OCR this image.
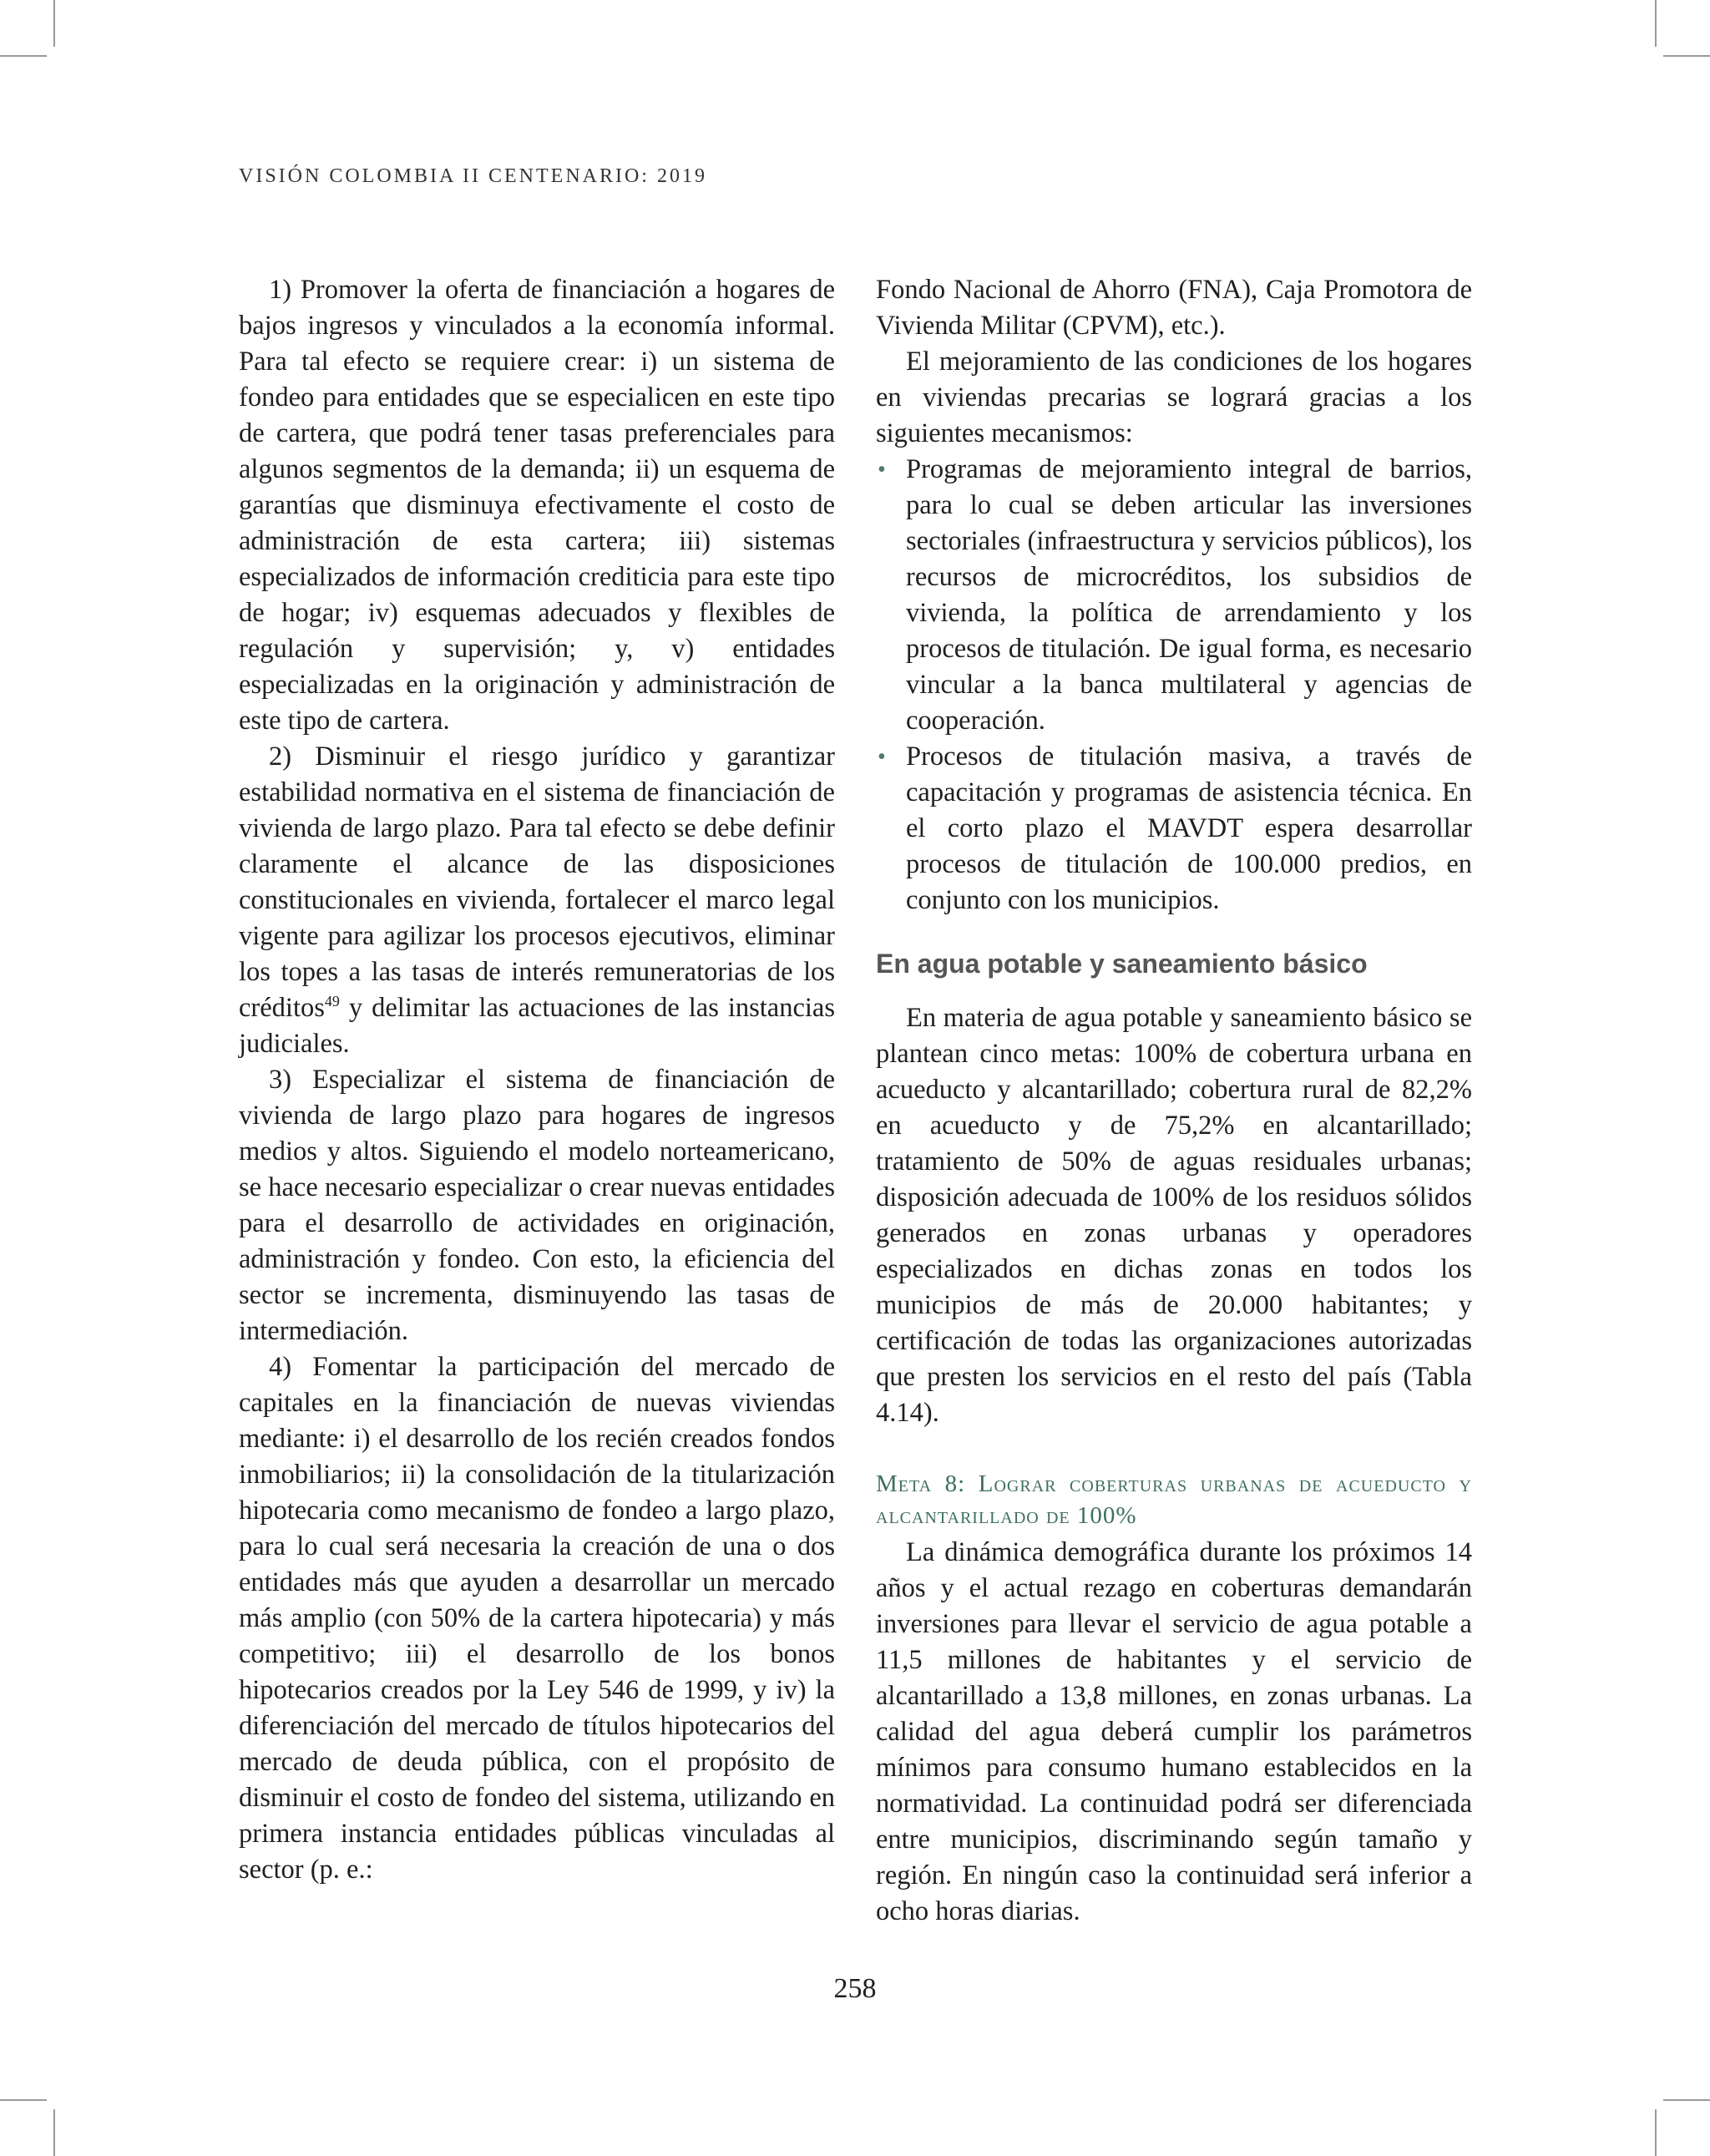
VISIÓN COLOMBIA II CENTENARIO: 2019

1) Promover la oferta de financiación a hogares de bajos ingresos y vinculados a la economía informal. Para tal efecto se requiere crear: i) un sistema de fondeo para entidades que se especialicen en este tipo de cartera, que podrá tener tasas preferenciales para algunos segmentos de la demanda; ii) un esquema de garantías que disminuya efectivamente el costo de administración de esta cartera; iii) sistemas especializados de información crediticia para este tipo de hogar; iv) esquemas adecuados y flexibles de regulación y supervisión; y, v) entidades especializadas en la originación y administración de este tipo de cartera.

2) Disminuir el riesgo jurídico y garantizar estabilidad normativa en el sistema de financiación de vivienda de largo plazo. Para tal efecto se debe definir claramente el alcance de las disposiciones constitucionales en vivienda, fortalecer el marco legal vigente para agilizar los procesos ejecutivos, eliminar los topes a las tasas de interés remuneratorias de los créditos$^{49}$ y delimitar las actuaciones de las instancias judiciales.

3) Especializar el sistema de financiación de vivienda de largo plazo para hogares de ingresos medios y altos. Siguiendo el modelo norteamericano, se hace necesario especializar o crear nuevas entidades para el desarrollo de actividades en originación, administración y fondeo. Con esto, la eficiencia del sector se incrementa, disminuyendo las tasas de intermediación.

4) Fomentar la participación del mercado de capitales en la financiación de nuevas viviendas mediante: i) el desarrollo de los recién creados fondos inmobiliarios; ii) la consolidación de la titularización hipotecaria como mecanismo de fondeo a largo plazo, para lo cual será necesaria la creación de una o dos entidades más que ayuden a desarrollar un mercado más amplio (con 50% de la cartera hipotecaria) y más competitivo; iii) el desarrollo de los bonos hipotecarios creados por la Ley 546 de 1999, y iv) la diferenciación del mercado de títulos hipotecarios del mercado de deuda pública, con el propósito de disminuir el costo de fondeo del sistema, utilizando en primera instancia entidades públicas vinculadas al sector (p. e.:

Fondo Nacional de Ahorro (FNA), Caja Promotora de Vivienda Militar (CPVM), etc.).

El mejoramiento de las condiciones de los hogares en viviendas precarias se logrará gracias a los siguientes mecanismos:

• Programas de mejoramiento integral de barrios, para lo cual se deben articular las inversiones sectoriales (infraestructura y servicios públicos), los recursos de microcréditos, los subsidios de vivienda, la política de arrendamiento y los procesos de titulación. De igual forma, es necesario vincular a la banca multilateral y agencias de cooperación.
• Procesos de titulación masiva, a través de capacitación y programas de asistencia técnica. En el corto plazo el MAVDT espera desarrollar procesos de titulación de 100.000 predios, en conjunto con los municipios.
En agua potable y saneamiento básico

En materia de agua potable y saneamiento básico se plantean cinco metas: 100% de cobertura urbana en acueducto y alcantarillado; cobertura rural de 82,2% en acueducto y de 75,2% en alcantarillado; tratamiento de 50% de aguas residuales urbanas; disposición adecuada de 100% de los residuos sólidos generados en zonas urbanas y operadores especializados en dichas zonas en todos los municipios de más de 20.000 habitantes; y certificación de todas las organizaciones autorizadas que presten los servicios en el resto del país (Tabla 4.14).

Meta 8: Lograr coberturas urbanas de acueducto y alcantarillado de 100%

La dinámica demográfica durante los próximos 14 años y el actual rezago en coberturas demandarán inversiones para llevar el servicio de agua potable a 11,5 millones de habitantes y el servicio de alcantarillado a 13,8 millones, en zonas urbanas. La calidad del agua deberá cumplir los parámetros mínimos para consumo humano establecidos en la normatividad. La continuidad podrá ser diferenciada entre municipios, discriminando según tamaño y región. En ningún caso la continuidad será inferior a ocho horas diarias.

258
